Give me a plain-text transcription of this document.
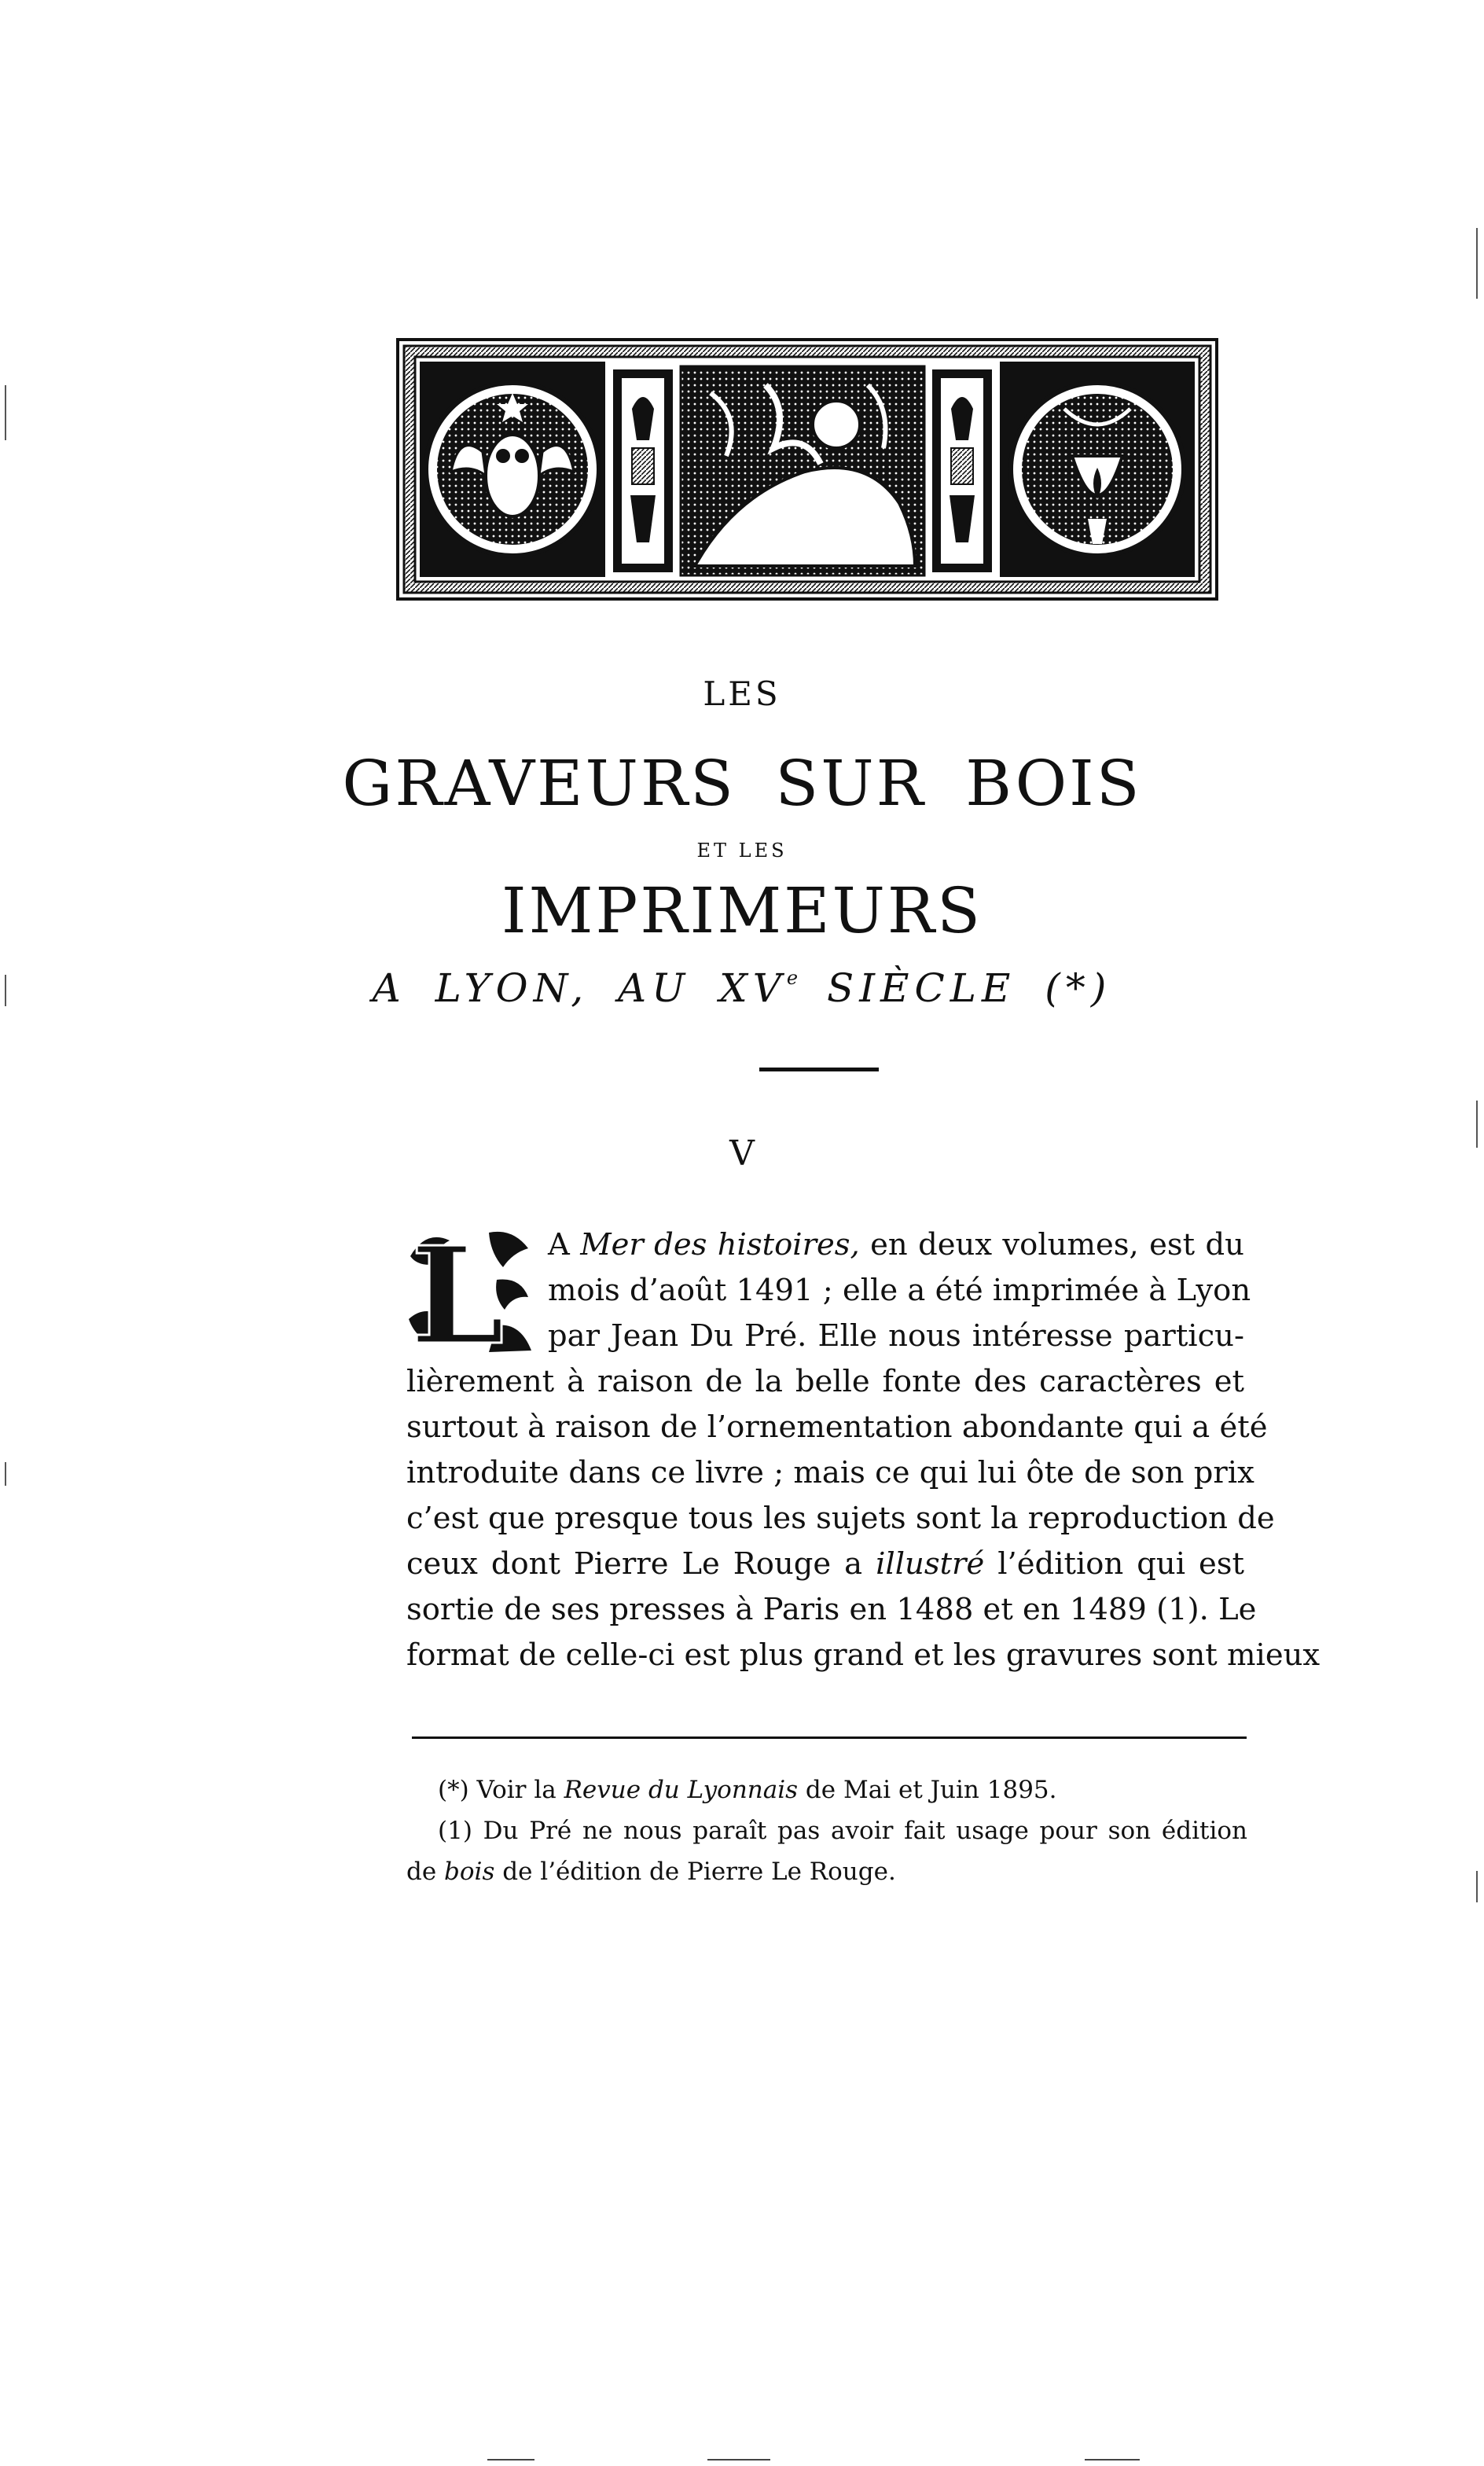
LES
GRAVEURS SUR BOIS
ET LES
IMPRIMEURS
A LYON, AU XVe SIÈCLE (*)
V
L A Mer des histoires, en deux volumes, est du
mois d’août 1491 ; elle a été imprimée à Lyon
par Jean Du Pré. Elle nous intéresse particu-
lièrement à raison de la belle fonte des caractères et
surtout à raison de l’ornementation abondante qui a été
introduite dans ce livre ; mais ce qui lui ôte de son prix
c’est que presque tous les sujets sont la reproduction de
ceux dont Pierre Le Rouge a illustré l’édition qui est
sortie de ses presses à Paris en 1488 et en 1489 (1). Le
format de celle-ci est plus grand et les gravures sont mieux
(*) Voir la Revue du Lyonnais de Mai et Juin 1895.
(1) Du Pré ne nous paraît pas avoir fait usage pour son édition
de bois de l’édition de Pierre Le Rouge.
